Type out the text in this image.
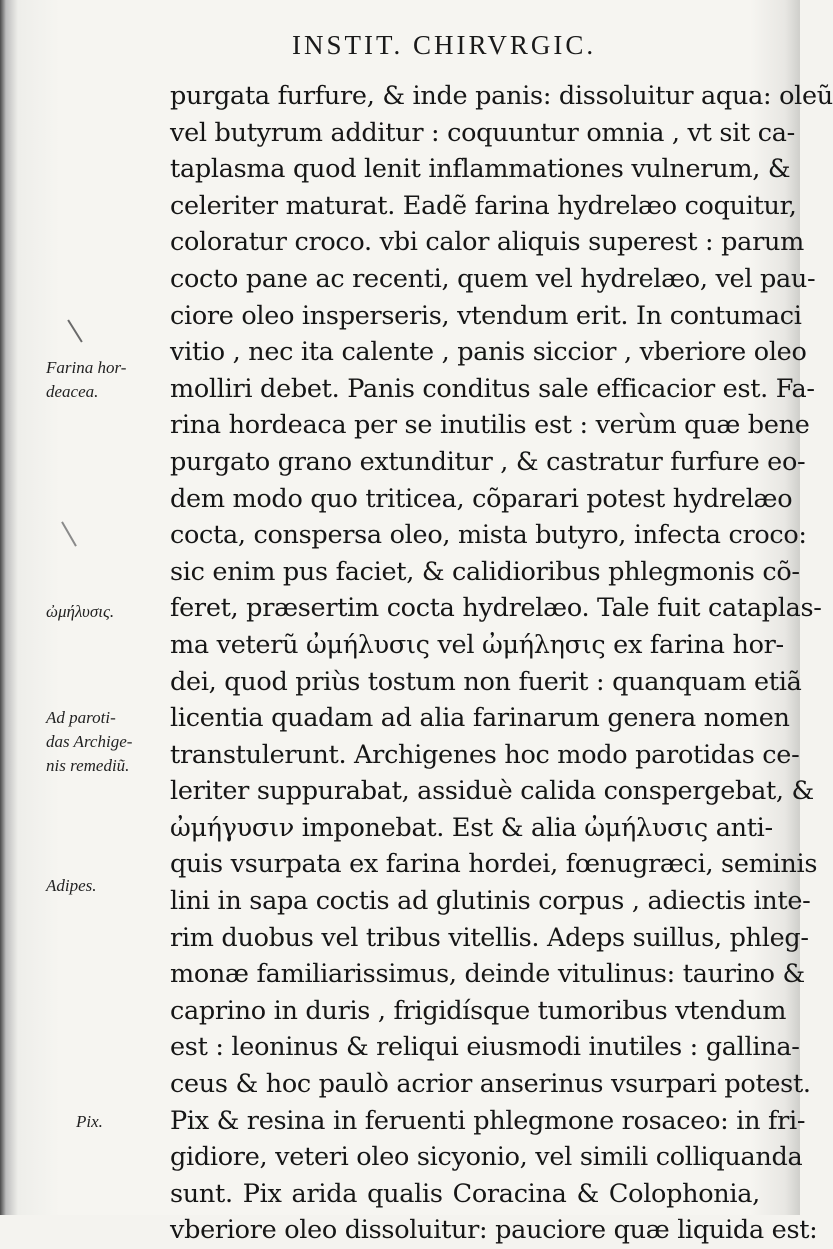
INSTIT. CHIRVRGIC.
purgata furfure, & inde panis: dissoluitur aqua: oleũ
vel butyrum additur : coquuntur omnia , vt sit ca-
taplasma quod lenit inflammationes vulnerum, &
celeriter maturat. Eadẽ farina hydrelæo coquitur,
coloratur croco. vbi calor aliquis superest : parum
cocto pane ac recenti, quem vel hydrelæo, vel pau-
ciore oleo insperseris, vtendum erit. In contumaci
vitio , nec ita calente , panis siccior , vberiore oleo
molliri debet. Panis conditus sale efficacior est. Fa-
rina hordeaca per se inutilis est : verùm quæ bene
purgato grano extunditur , & castratur furfure eo-
dem modo quo triticea, cõparari potest hydrelæo
cocta, conspersa oleo, mista butyro, infecta croco:
sic enim pus faciet, & calidioribus phlegmonis cõ-
feret, præsertim cocta hydrelæo. Tale fuit cataplas-
ma veterũ ὠμήλυσις vel ὠμήλησις ex farina hor-
dei, quod priùs tostum non fuerit : quanquam etiã
licentia quadam ad alia farinarum genera nomen
transtulerunt. Archigenes hoc modo parotidas ce-
leriter suppurabat, assiduè calida conspergebat, &
ὠμήγυσιν imponebat. Est & alia ὠμήλυσις anti-
quis vsurpata ex farina hordei, fœnugræci, seminis
lini in sapa coctis ad glutinis corpus , adiectis inte-
rim duobus vel tribus vitellis. Adeps suillus, phleg-
monæ familiarissimus, deinde vitulinus: taurino &
caprino in duris , frigidísque tumoribus vtendum
est : leoninus & reliqui eiusmodi inutiles : gallina-
ceus & hoc paulò acrior anserinus vsurpari potest.
Pix & resina in feruenti phlegmone rosaceo: in fri-
gidiore, veteri oleo sicyonio, vel simili colliquanda
sunt. Pix arida qualis Coracina & Colophonia,
vberiore oleo dissoluitur: pauciore quæ liquida est:
Farina hor-
deacea.
ὠμήλυσις.
Ad paroti-
das Archige-
nis remediũ.
Adipes.
Pix.
